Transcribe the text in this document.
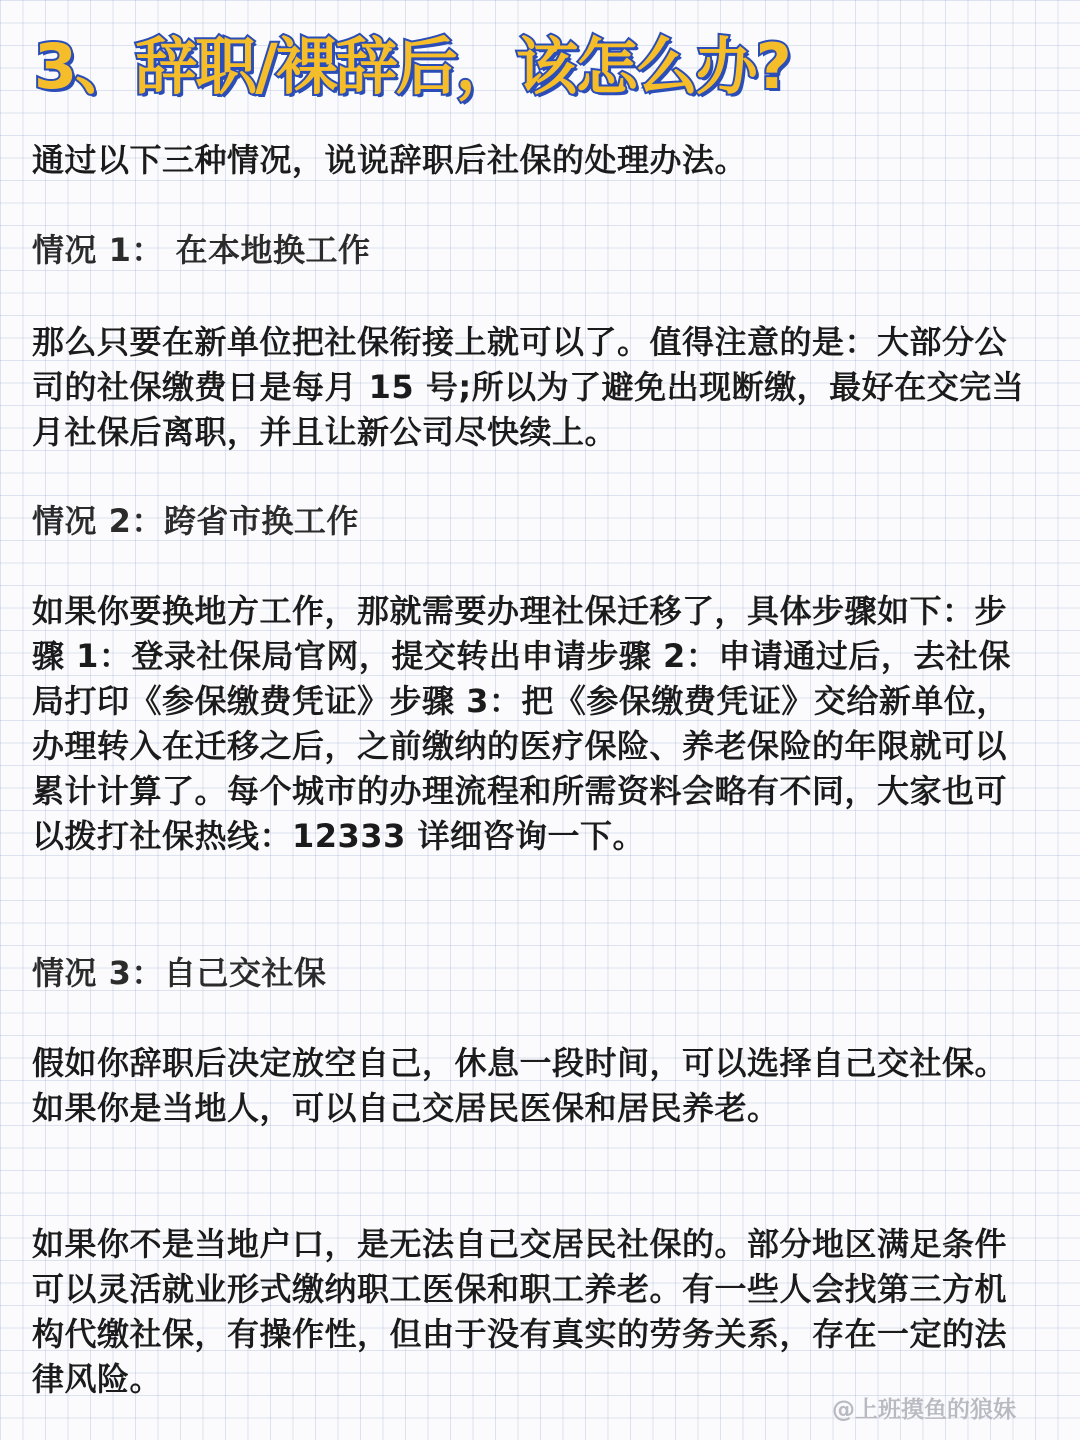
3、辞职/裸辞后，该怎么办?
通过以下三种情况，说说辞职后社保的处理办法。
情况 1： 在本地换工作
那么只要在新单位把社保衔接上就可以了。值得注意的是：大部分公司的社保缴费日是每月 15 号;所以为了避免出现断缴，最好在交完当月社保后离职，并且让新公司尽快续上。
情况 2：跨省市换工作
如果你要换地方工作，那就需要办理社保迁移了，具体步骤如下：步骤 1：登录社保局官网，提交转出申请步骤 2：申请通过后，去社保局打印《参保缴费凭证》步骤 3：把《参保缴费凭证》交给新单位，办理转入在迁移之后，之前缴纳的医疗保险、养老保险的年限就可以累计计算了。每个城市的办理流程和所需资料会略有不同，大家也可以拨打社保热线：12333 详细咨询一下。
情况 3：自己交社保
假如你辞职后决定放空自己，休息一段时间，可以选择自己交社保。如果你是当地人，可以自己交居民医保和居民养老。
如果你不是当地户口，是无法自己交居民社保的。部分地区满足条件可以灵活就业形式缴纳职工医保和职工养老。有一些人会找第三方机构代缴社保，有操作性，但由于没有真实的劳务关系，存在一定的法律风险。
@上班摸鱼的狼妹
